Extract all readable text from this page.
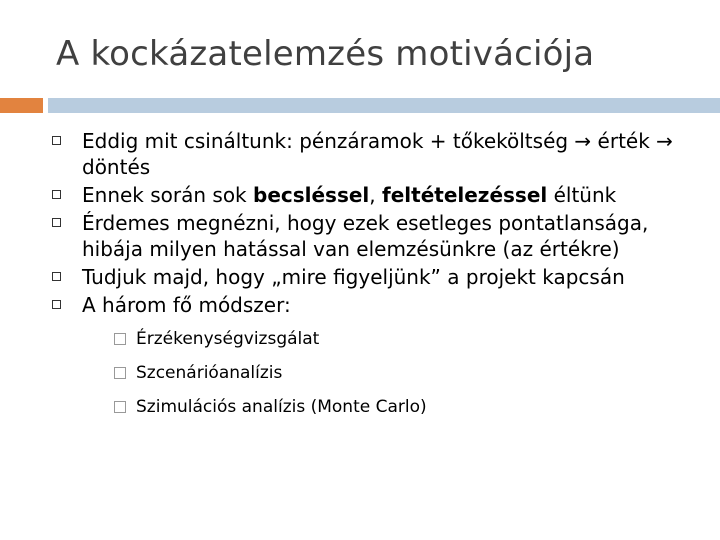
A kockázatelemzés motivációja
Eddig mit csináltunk: pénzáramok + tőkeköltség → érték → döntés
Ennek során sok becsléssel, feltételezéssel éltünk
Érdemes megnézni, hogy ezek esetleges pontatlansága, hibája milyen hatással van elemzésünkre (az értékre)
Tudjuk majd, hogy „mire figyeljünk” a projekt kapcsán
A három fő módszer:
Érzékenységvizsgálat
Szcenárióanalízis
Szimulációs analízis (Monte Carlo)
